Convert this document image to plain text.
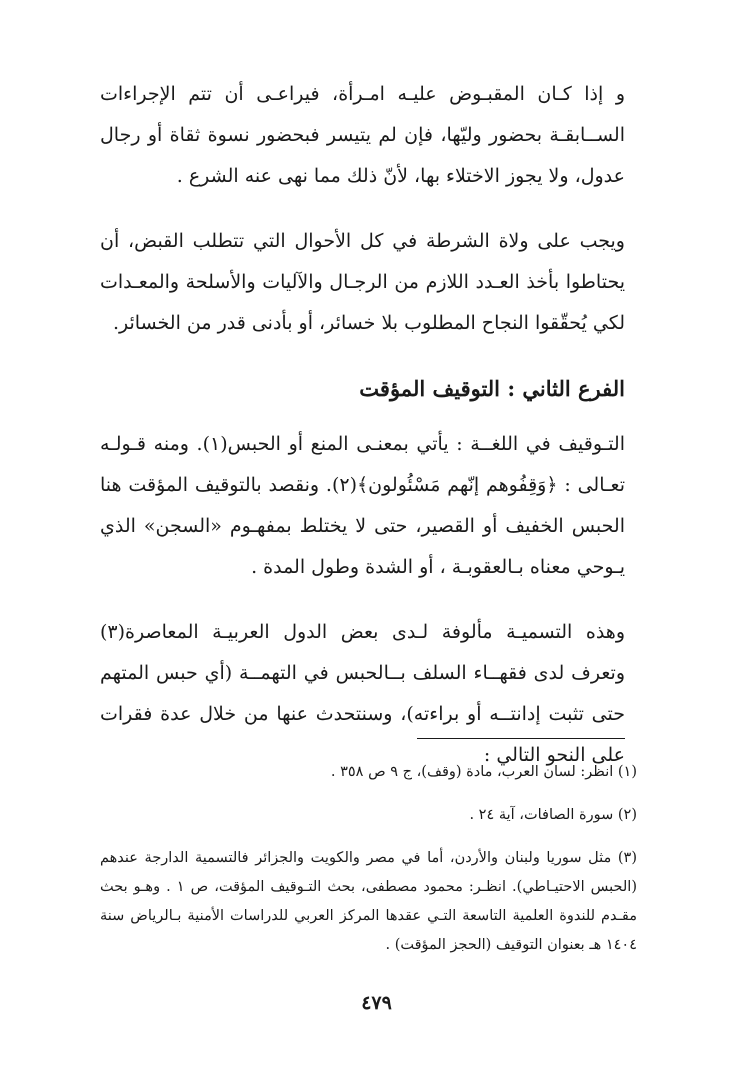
و إذا كـان المقبـوض عليـه امـرأة، فيراعـى أن تتم الإجراءات الســابقـة بحضور وليّها، فإن لم يتيسر فبحضور نسوة ثقاة أو رجال عدول، ولا يجوز الاختلاء بها، لأنّ ذلك مما نهى عنه الشرع .

ويجب على ولاة الشرطة في كل الأحوال التي تتطلب القبض، أن يحتاطوا بأخذ العـدد اللازم من الرجـال والآليات والأسلحة والمعـدات لكي يُحقّقوا النجاح المطلوب بلا خسائر، أو بأدنى قدر من الخسائر.

الفرع الثاني : التوقيف المؤقت

التـوقيف في اللغــة : يأتي بمعنـى المنع أو الحبس(١). ومنه قـولـه تعـالى : ﴿وَقِفُوهم إنّهم مَسْئُولون﴾(٢). ونقصد بالتوقيف المؤقت هنا الحبس الخفيف أو القصير، حتى لا يختلط بمفهـوم «السجن» الذي يـوحي معناه بـالعقوبـة ، أو الشدة وطول المدة .

وهذه التسميـة مألوفة لـدى بعض الدول العربيـة المعاصرة(٣) وتعرف لدى فقهــاء السلف بــالحبس في التهمــة (أي حبس المتهم حتى تثبت إدانتــه أو براءته)، وسنتحدث عنها من خلال عدة فقرات على النحو التالي :

(١) انظر: لسان العرب، مادة (وقف)، ج ٩ ص ٣٥٨ .

(٢) سورة الصافات، آية ٢٤ .

(٣) مثل سوريا ولبنان والأردن، أما في مصر والكويت والجزائر فالتسمية الدارجة عندهم (الحبس الاحتيـاطي). انظـر: محمود مصطفى، بحث التـوقيف المؤقت، ص ١ . وهـو بحث مقـدم للندوة العلمية التاسعة التـي عقدها المركز العربي للدراسات الأمنية بـالرياض سنة ١٤٠٤ هـ بعنوان التوقيف (الحجز المؤقت) .

٤٧٩
